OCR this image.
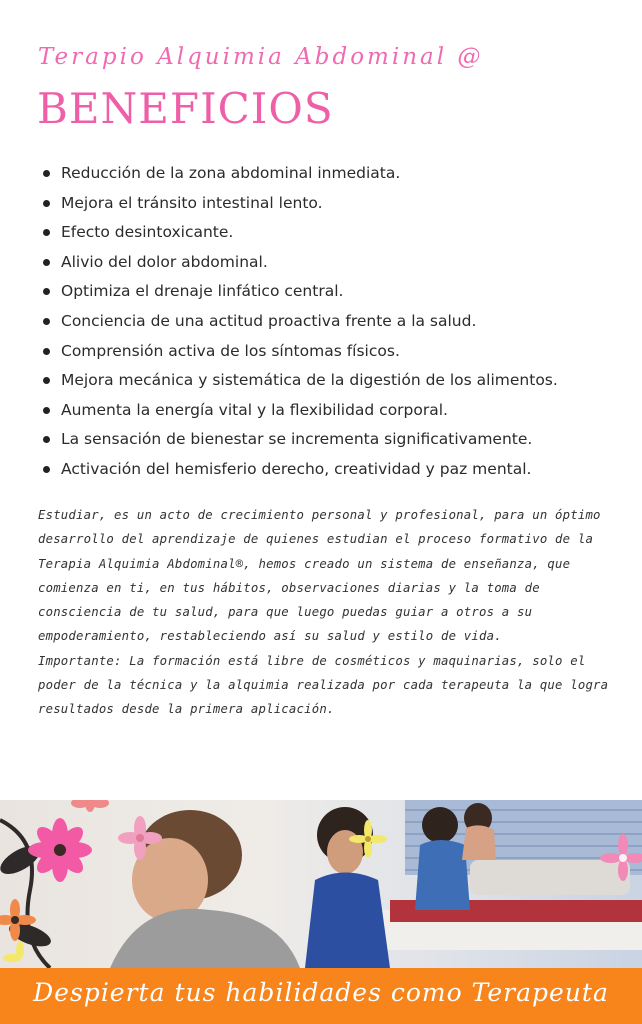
Terapio Alquimia Abdominal @
BENEFICIOS
Reducción de la zona abdominal inmediata.
Mejora el tránsito intestinal lento.
Efecto desintoxicante.
Alivio del dolor abdominal.
Optimiza el drenaje linfático central.
Conciencia de una actitud proactiva frente a la salud.
Comprensión activa de los síntomas físicos.
Mejora mecánica y sistemática de la digestión de los alimentos.
Aumenta la energía vital y la flexibilidad corporal.
La sensación de bienestar se incrementa significativamente.
Activación del hemisferio derecho, creatividad y paz mental.

Estudiar, es un acto de crecimiento personal y profesional, para un óptimo desarrollo del aprendizaje de quienes estudian el proceso formativo de la Terapia Alquimia Abdominal®, hemos creado un sistema de enseñanza, que comienza en ti, en tus hábitos, observaciones diarias y la toma de consciencia de tu salud, para que luego puedas guiar a otros a su empoderamiento, restableciendo así su salud y estilo de vida.

Importante: La formación está libre de cosméticos y maquinarias, solo el poder de la técnica y la alquimia realizada por cada terapeuta la que logra resultados desde la primera aplicación.

Despierta tus habilidades como Terapeuta
